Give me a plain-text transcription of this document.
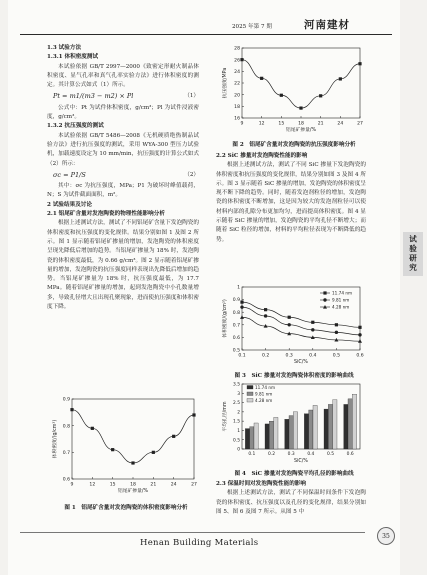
2025 年第 7 期	河南建材
试验研究

1.3 试验方法

1.3.1 体积密度测试

本试验依据 GB/T 2997—2000《致密定形耐火制品体积密度、显气孔率和真气孔率实验方法》进行体积密度的测定。其计算公式如式（1）所示。

Pt = m1/(m3 − m2) × Pl	（1）

公式中：Pt 为试件体积密度，g/cm³；Pl 为试件浸液密度，g/cm³。

1.3.2 抗压强度的测试

本试验依据 GB/T 5486—2008《无机硬质绝热制品试验方法》进行抗压强度的测试，采用 WYA-300 型压力试验机，加载速度设定为 10 mm/min，抗压强度的计算公式如式（2）所示：

σc = P1/S	（2）

其中：σc 为抗压强度，MPa；P1 为破坏时峰值载荷，N；S 为试件截面面积，m²。

2 试验结果及讨论

2.1 铝尾矿含量对发泡陶瓷的物理性能影响分析

根据上述测试方法，测试了不同铝尾矿含量下发泡陶瓷的体积密度和抗压强度的变化规律。结果分别如图 1 及图 2 所示。图 1 显示随着铝尾矿掺量的增加，发泡陶瓷的体积密度呈现先降低后增加的趋势。当铝尾矿掺量为 18% 时，发泡陶瓷的体积密度最低，为 0.66 g/cm³。图 2 显示随着铝尾矿掺量的增加，发泡陶瓷的抗压强度同样表现出先降低后增加的趋势。当铝尾矿掺量为 18% 时，抗压强度最低，为 17.7 MPa。随着铝尾矿掺量的增加，起到发泡陶瓷中小孔数量增多，导致孔径增大且出现孔聚现象，进而使抗压强度和体积密度下降。

9	12	15	18	21	24	27
0.6
0.7
0.8
0.9
铝尾矿掺量/%
体积密度/(g/cm³)
图 1　铝尾矿含量对发泡陶瓷的体积密度影响分析
9	12	15	18	21	24	27
16
18
20
22
24
26
28
铝尾矿掺量/%
抗压强度/MPa
图 2　铝尾矿含量对发泡陶瓷的抗压强度影响分析

2.2 SiC 掺量对发泡陶瓷性能的影响

根据上述测试方法，测试了不同 SiC 掺量下发泡陶瓷的体积密度和抗压强度的变化规律，结果分别如图 3 及图 4 所示。图 3 显示随着 SiC 掺量的增加，发泡陶瓷的体积密度呈现不断下降的趋势。同时，随着发泡剂粒径的增加，发泡陶瓷的体积密度不断增加，这是因为较大的发泡剂粒径可以使材料内部的孔隙分布更加均匀，进而提高体积密度。图 4 显示随着 SiC 掺量的增加，发泡陶瓷的平均孔径不断增大；而随着 SiC 粒径的增加，材料的平均粒径表现为不断降低的趋势。

0.1	0.2	0.3	0.4	0.5	0.6
0.5
0.6
0.7
0.8
0.9
1
SiC/%
体积密度/(g/cm³)
11.74 nm
9.81 nm
4.28 nm
图 3　SiC 掺量对发泡陶瓷体积密度的影响曲线
0
0.5
1
1.5
2
2.5
3
3.5
0.1	0.2	0.3	0.4	0.5	0.6
SiC/%
平均孔径/mm
11.74 nm
9.81 nm
4.28 nm
图 4　SiC 掺量对发泡陶瓷平均孔径的影响曲线

2.3 保温时间对发泡陶瓷性能的影响

根据上述测试方法，测试了不同保温时间条件下发泡陶瓷的体积密度、抗压强度以及孔径的变化规律，结果分别如图 5、图 6 及图 7 所示。从图 5 中

Henan Building Materials
35
